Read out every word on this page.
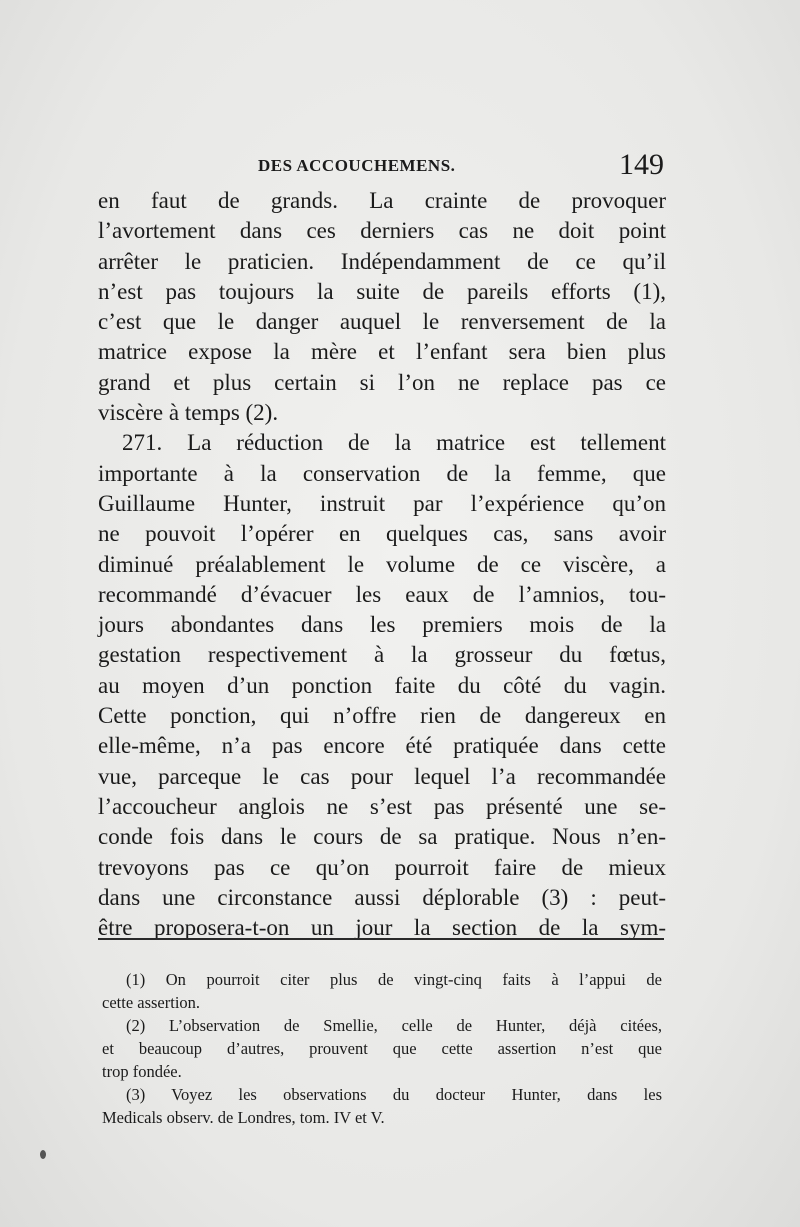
DES ACCOUCHEMENS.	149
en faut de grands. La crainte de provoquer
l’avortement dans ces derniers cas ne doit point
arrêter le praticien. Indépendamment de ce qu’il
n’est pas toujours la suite de pareils efforts (1),
c’est que le danger auquel le renversement de la
matrice expose la mère et l’enfant sera bien plus
grand et plus certain si l’on ne replace pas ce
viscère à temps (2).
271. La réduction de la matrice est tellement
importante à la conservation de la femme, que
Guillaume Hunter, instruit par l’expérience qu’on
ne pouvoit l’opérer en quelques cas, sans avoir
diminué préalablement le volume de ce viscère, a
recommandé d’évacuer les eaux de l’amnios, tou-
jours abondantes dans les premiers mois de la
gestation respectivement à la grosseur du fœtus,
au moyen d’un ponction faite du côté du vagin.
Cette ponction, qui n’offre rien de dangereux en
elle-même, n’a pas encore été pratiquée dans cette
vue, parceque le cas pour lequel l’a recommandée
l’accoucheur anglois ne s’est pas présenté une se-
conde fois dans le cours de sa pratique. Nous n’en-
trevoyons pas ce qu’on pourroit faire de mieux
dans une circonstance aussi déplorable (3) : peut-
être proposera-t-on un jour la section de la sym-
(1) On pourroit citer plus de vingt-cinq faits à l’appui de
cette assertion.
(2) L’observation de Smellie, celle de Hunter, déjà citées,
et beaucoup d’autres, prouvent que cette assertion n’est que
trop fondée.
(3) Voyez les observations du docteur Hunter, dans les
Medicals observ. de Londres, tom. IV et V.
